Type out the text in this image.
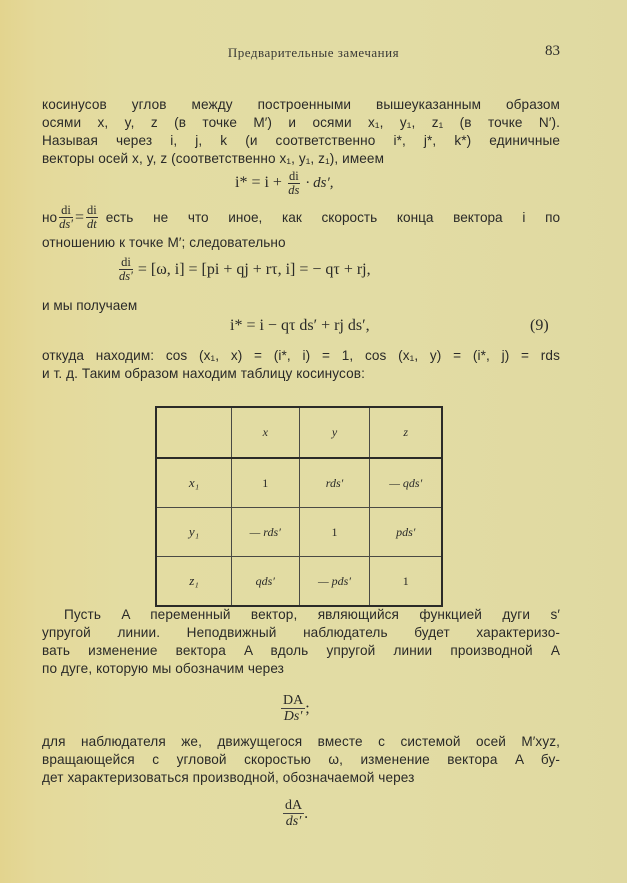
Предварительные замечания	83
косинусов углов между построенными вышеуказанным образом
осями x, y, z (в точке M′) и осями x₁, y₁, z₁ (в точке N′).
Называя через i, j, k (и соответственно i*, j*, k*) единичные
векторы осей x, y, z (соответственно x₁, y₁, z₁), имеем
$i* = i + \frac{di}{ds} \cdot ds'$,
но $\frac{di}{ds'} = \frac{di}{dt}$ есть не что иное, как скорость конца вектора i по
отношению к точке M′; следовательно
$\frac{di}{ds'} = [\omega$, i] = [pi + qj + rτ, i] = − qτ + rj,
и мы получаем
i* = i − qτ ds′ + rj ds′,	(9)
откуда находим: cos (x₁, x) = (i*, i) = 1, cos (x₁, y) = (i*, j) = rds
и т. д. Таким образом находим таблицу косинусов:
	x	y	z
x₁	1	rds′	— qds′
y₁	— rds′	1	pds′
z₁	qds′	— pds′	1
Пусть A переменный вектор, являющийся функцией дуги s′
упругой линии. Неподвижный наблюдатель будет характеризо-
вать изменение вектора A вдоль упругой линии производной A
по дуге, которую мы обозначим через
$\frac{DA}{Ds'}$ ;
для наблюдателя же, движущегося вместе с системой осей M′xyz,
вращающейся с угловой скоростью ω, изменение вектора A бу-
дет характеризоваться производной, обозначаемой через
$\frac{dA}{ds'}$ .
